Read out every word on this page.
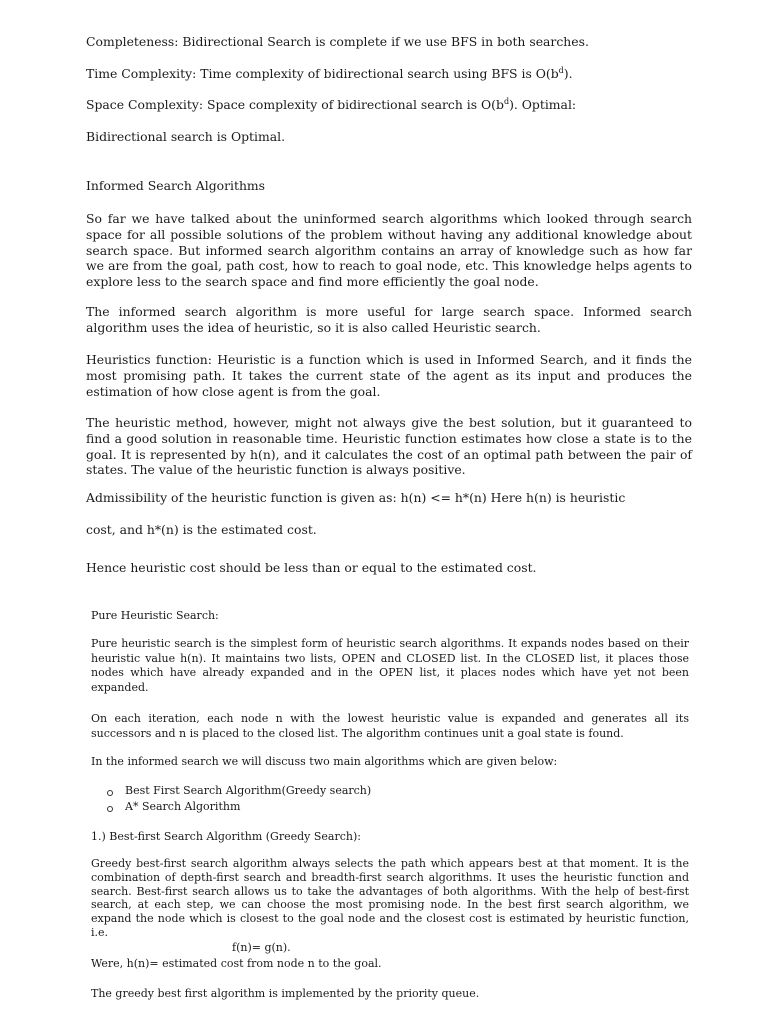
Completeness: Bidirectional Search is complete if we use BFS in both searches.

Time Complexity: Time complexity of bidirectional search using BFS is $O(b^d)$.

Space Complexity: Space complexity of bidirectional search is $O(b^d)$. Optimal:

Bidirectional search is Optimal.

Informed Search Algorithms

So far we have talked about the uninformed search algorithms which looked through search space for all possible solutions of the problem without having any additional knowledge about search space. But informed search algorithm contains an array of knowledge such as how far we are from the goal, path cost, how to reach to goal node, etc. This knowledge helps agents to explore less to the search space and find more efficiently the goal node.

The informed search algorithm is more useful for large search space. Informed search algorithm uses the idea of heuristic, so it is also called Heuristic search.

Heuristics function: Heuristic is a function which is used in Informed Search, and it finds the most promising path. It takes the current state of the agent as its input and produces the estimation of how close agent is from the goal.

The heuristic method, however, might not always give the best solution, but it guaranteed to find a good solution in reasonable time. Heuristic function estimates how close a state is to the goal. It is represented by h(n), and it calculates the cost of an optimal path between the pair of states. The value of the heuristic function is always positive.

Admissibility of the heuristic function is given as: h(n) <= h*(n) Here h(n) is heuristic

cost, and h*(n) is the estimated cost.

Hence heuristic cost should be less than or equal to the estimated cost.

Pure Heuristic Search:

Pure heuristic search is the simplest form of heuristic search algorithms. It expands nodes based on their heuristic value h(n). It maintains two lists, OPEN and CLOSED list. In the CLOSED list, it places those nodes which have already expanded and in the OPEN list, it places nodes which have yet not been expanded.

On each iteration, each node n with the lowest heuristic value is expanded and generates all its successors and n is placed to the closed list. The algorithm continues unit a goal state is found.

In the informed search we will discuss two main algorithms which are given below:

Best First Search Algorithm(Greedy search)

A* Search Algorithm

1.) Best-first Search Algorithm (Greedy Search):

Greedy best-first search algorithm always selects the path which appears best at that moment. It is the combination of depth-first search and breadth-first search algorithms. It uses the heuristic function and search. Best-first search allows us to take the advantages of both algorithms. With the help of best-first search, at each step, we can choose the most promising node. In the best first search algorithm, we expand the node which is closest to the goal node and the closest cost is estimated by heuristic function, i.e.

f(n)= g(n).

Were, h(n)= estimated cost from node n to the goal.

The greedy best first algorithm is implemented by the priority queue.
